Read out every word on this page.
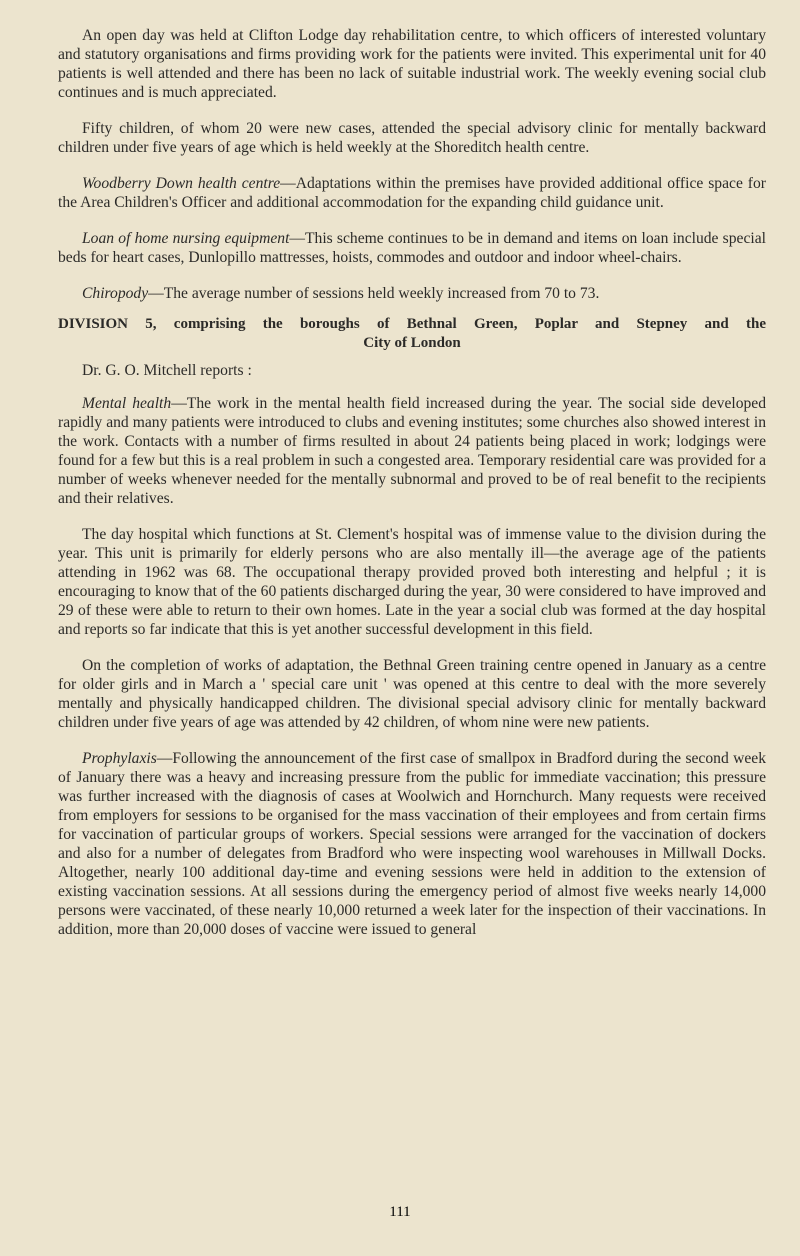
An open day was held at Clifton Lodge day rehabilitation centre, to which officers of interested voluntary and statutory organisations and firms providing work for the patients were invited. This experimental unit for 40 patients is well attended and there has been no lack of suitable industrial work. The weekly evening social club continues and is much appreciated.

Fifty children, of whom 20 were new cases, attended the special advisory clinic for mentally backward children under five years of age which is held weekly at the Shoreditch health centre.

Woodberry Down health centre—Adaptations within the premises have provided additional office space for the Area Children's Officer and additional accommodation for the expanding child guidance unit.

Loan of home nursing equipment—This scheme continues to be in demand and items on loan include special beds for heart cases, Dunlopillo mattresses, hoists, commodes and outdoor and indoor wheel-chairs.

Chiropody—The average number of sessions held weekly increased from 70 to 73.

DIVISION 5, comprising the boroughs of Bethnal Green, Poplar and Stepney and the
City of London

Dr. G. O. Mitchell reports :

Mental health—The work in the mental health field increased during the year. The social side developed rapidly and many patients were introduced to clubs and evening institutes; some churches also showed interest in the work. Contacts with a number of firms resulted in about 24 patients being placed in work; lodgings were found for a few but this is a real problem in such a congested area. Temporary residential care was provided for a number of weeks whenever needed for the mentally subnormal and proved to be of real benefit to the recipients and their relatives.

The day hospital which functions at St. Clement's hospital was of immense value to the division during the year. This unit is primarily for elderly persons who are also mentally ill—the average age of the patients attending in 1962 was 68. The occupational therapy provided proved both interesting and helpful ; it is encouraging to know that of the 60 patients discharged during the year, 30 were considered to have improved and 29 of these were able to return to their own homes. Late in the year a social club was formed at the day hospital and reports so far indicate that this is yet another successful development in this field.

On the completion of works of adaptation, the Bethnal Green training centre opened in January as a centre for older girls and in March a ' special care unit ' was opened at this centre to deal with the more severely mentally and physically handicapped children. The divisional special advisory clinic for mentally backward children under five years of age was attended by 42 children, of whom nine were new patients.

Prophylaxis—Following the announcement of the first case of smallpox in Bradford during the second week of January there was a heavy and increasing pressure from the public for immediate vaccination; this pressure was further increased with the diagnosis of cases at Woolwich and Hornchurch. Many requests were received from employers for sessions to be organised for the mass vaccination of their employees and from certain firms for vaccination of particular groups of workers. Special sessions were arranged for the vaccination of dockers and also for a number of delegates from Bradford who were inspecting wool warehouses in Millwall Docks. Altogether, nearly 100 additional day-time and evening sessions were held in addition to the extension of existing vaccination sessions. At all sessions during the emergency period of almost five weeks nearly 14,000 persons were vaccinated, of these nearly 10,000 returned a week later for the inspection of their vaccinations. In addition, more than 20,000 doses of vaccine were issued to general

111
